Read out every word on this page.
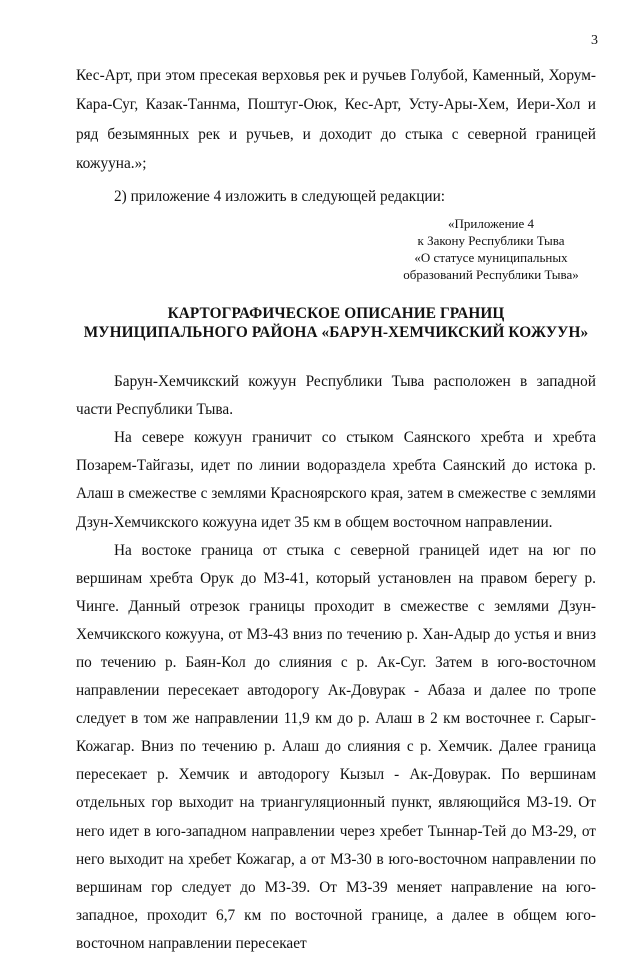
3

Кес-Арт, при этом пресекая верховья рек и ручьев Голубой, Каменный, Хорум-Кара-Суг, Казак-Таннма, Поштуг-Оюк, Кес-Арт, Усту-Ары-Хем, Иери-Хол и ряд безымянных рек и ручьев, и доходит до стыка с северной границей кожууна.»;

2) приложение 4 изложить в следующей редакции:

«Приложение 4
к Закону Республики Тыва
«О статусе муниципальных
образований Республики Тыва»
КАРТОГРАФИЧЕСКОЕ ОПИСАНИЕ ГРАНИЦ
МУНИЦИПАЛЬНОГО РАЙОНА «БАРУН-ХЕМЧИКСКИЙ КОЖУУН»

Барун-Хемчикский кожуун Республики Тыва расположен в западной части Республики Тыва.

На севере кожуун граничит со стыком Саянского хребта и хребта Позарем-Тайгазы, идет по линии водораздела хребта Саянский до истока р. Алаш в смежестве с землями Красноярского края, затем в смежестве с землями Дзун-Хемчикского кожууна идет 35 км в общем восточном направлении.

На востоке граница от стыка с северной границей идет на юг по вершинам хребта Орук до МЗ-41, который установлен на правом берегу р. Чинге. Данный отрезок границы проходит в смежестве с землями Дзун-Хемчикского кожууна, от МЗ-43 вниз по течению р. Хан-Адыр до устья и вниз по течению р. Баян-Кол до слияния с р. Ак-Суг. Затем в юго-восточном направлении пересекает автодорогу Ак-Довурак - Абаза и далее по тропе следует в том же направлении 11,9 км до р. Алаш в 2 км восточнее г. Сарыг-Кожагар. Вниз по течению р. Алаш до слияния с р. Хемчик. Далее граница пересекает р. Хемчик и автодорогу Кызыл - Ак-Довурак. По вершинам отдельных гор выходит на триангуляционный пункт, являющийся МЗ-19. От него идет в юго-западном направлении через хребет Тыннар-Тей до МЗ-29, от него выходит на хребет Кожагар, а от МЗ-30 в юго-восточном направлении по вершинам гор следует до МЗ-39. От МЗ-39 меняет направление на юго-западное, проходит 6,7 км по восточной границе, а далее в общем юго-восточном направлении пересекает
